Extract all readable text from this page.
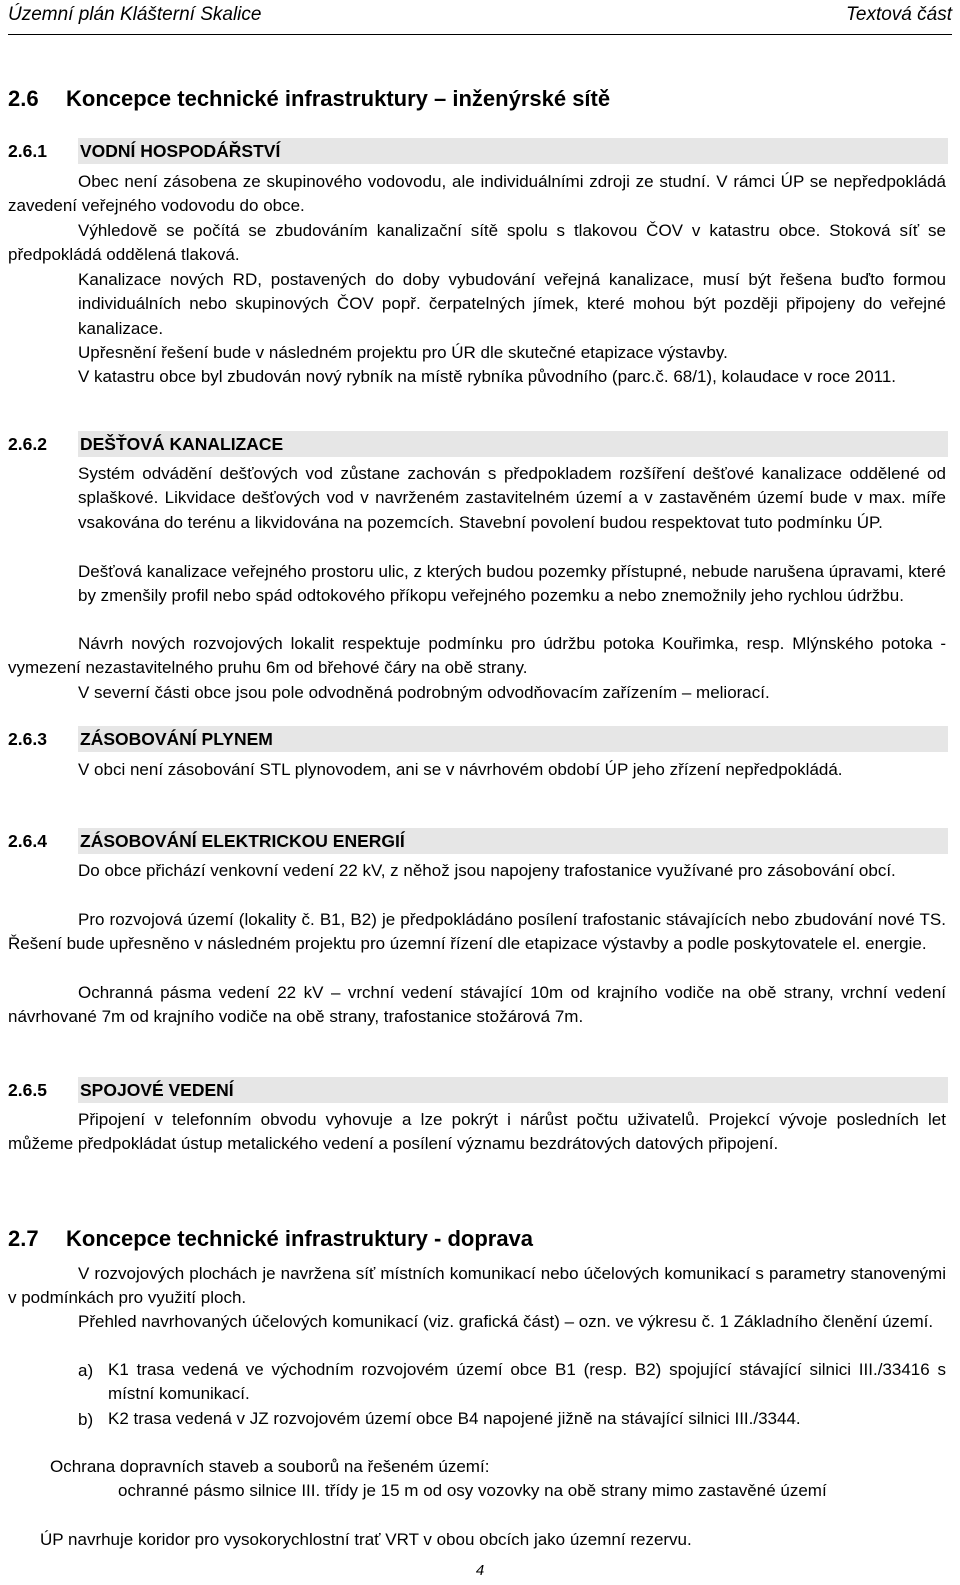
Územní plán Klášterní Skalice	Textová část
2.6 Koncepce technické infrastruktury – inženýrské sítě
2.6.1 VODNÍ HOSPODÁŘSTVÍ
Obec není zásobena ze skupinového vodovodu, ale individuálními zdroji ze studní. V rámci ÚP se nepředpokládá zavedení veřejného vodovodu do obce.
Výhledově se počítá se zbudováním kanalizační sítě spolu s tlakovou ČOV v katastru obce. Stoková síť se předpokládá oddělená tlaková.
Kanalizace nových RD, postavených do doby vybudování veřejná kanalizace, musí být řešena buďto formou individuálních nebo skupinových ČOV popř. čerpatelných jímek, které mohou být později připojeny do veřejné kanalizace.
Upřesnění řešení bude v následném projektu pro ÚR dle skutečné etapizace výstavby.
V katastru obce byl zbudován nový rybník na místě rybníka původního (parc.č. 68/1), kolaudace v roce 2011.
2.6.2 DEŠŤOVÁ KANALIZACE
Systém odvádění dešťových vod zůstane zachován s předpokladem rozšíření dešťové kanalizace oddělené od splaškové. Likvidace dešťových vod v navrženém zastavitelném území a v zastavěném území bude v max. míře vsakována do terénu a likvidována na pozemcích. Stavební povolení budou respektovat tuto podmínku ÚP.
Dešťová kanalizace veřejného prostoru ulic, z kterých budou pozemky přístupné, nebude narušena úpravami, které by zmenšily profil nebo spád odtokového příkopu veřejného pozemku a nebo znemožnily jeho rychlou údržbu.
Návrh nových rozvojových lokalit respektuje podmínku pro údržbu potoka Kouřimka, resp. Mlýnského potoka - vymezení nezastavitelného pruhu 6m od břehové čáry na obě strany.
V severní části obce jsou pole odvodněná podrobným odvodňovacím zařízením – meliorací.
2.6.3 ZÁSOBOVÁNÍ PLYNEM
V obci není zásobování STL plynovodem, ani se v návrhovém období ÚP jeho zřízení nepředpokládá.
2.6.4 ZÁSOBOVÁNÍ ELEKTRICKOU ENERGIÍ
Do obce přichází venkovní vedení 22 kV, z něhož jsou napojeny trafostanice využívané pro zásobování obcí.
Pro rozvojová území (lokality č. B1, B2) je předpokládáno posílení trafostanic stávajících nebo zbudování nové TS. Řešení bude upřesněno v následném projektu pro územní řízení dle etapizace výstavby a podle poskytovatele el. energie.
Ochranná pásma vedení 22 kV – vrchní vedení stávající 10m od krajního vodiče na obě strany, vrchní vedení návrhované 7m od krajního vodiče na obě strany, trafostanice stožárová 7m.
2.6.5 SPOJOVÉ VEDENÍ
Připojení v telefonním obvodu vyhovuje a lze pokrýt i nárůst počtu uživatelů. Projekcí vývoje posledních let můžeme předpokládat ústup metalického vedení a posílení významu bezdrátových datových připojení.
2.7 Koncepce technické infrastruktury - doprava
V rozvojových plochách je navržena síť místních komunikací nebo účelových komunikací s parametry stanovenými v podmínkách pro využití ploch.
Přehled navrhovaných účelových komunikací (viz. grafická část) – ozn. ve výkresu č. 1 Základního členění území.
a) K1 trasa vedená ve východním rozvojovém území obce B1 (resp. B2) spojující stávající silnici III./33416 s místní komunikací.
b) K2 trasa vedená v JZ rozvojovém území obce B4 napojené jižně na stávající silnici III./3344.
Ochrana dopravních staveb a souborů na řešeném území:
ochranné pásmo silnice III. třídy je 15 m od osy vozovky na obě strany mimo zastavěné území
ÚP navrhuje koridor pro vysokorychlostní trať VRT v obou obcích jako územní rezervu.
4
